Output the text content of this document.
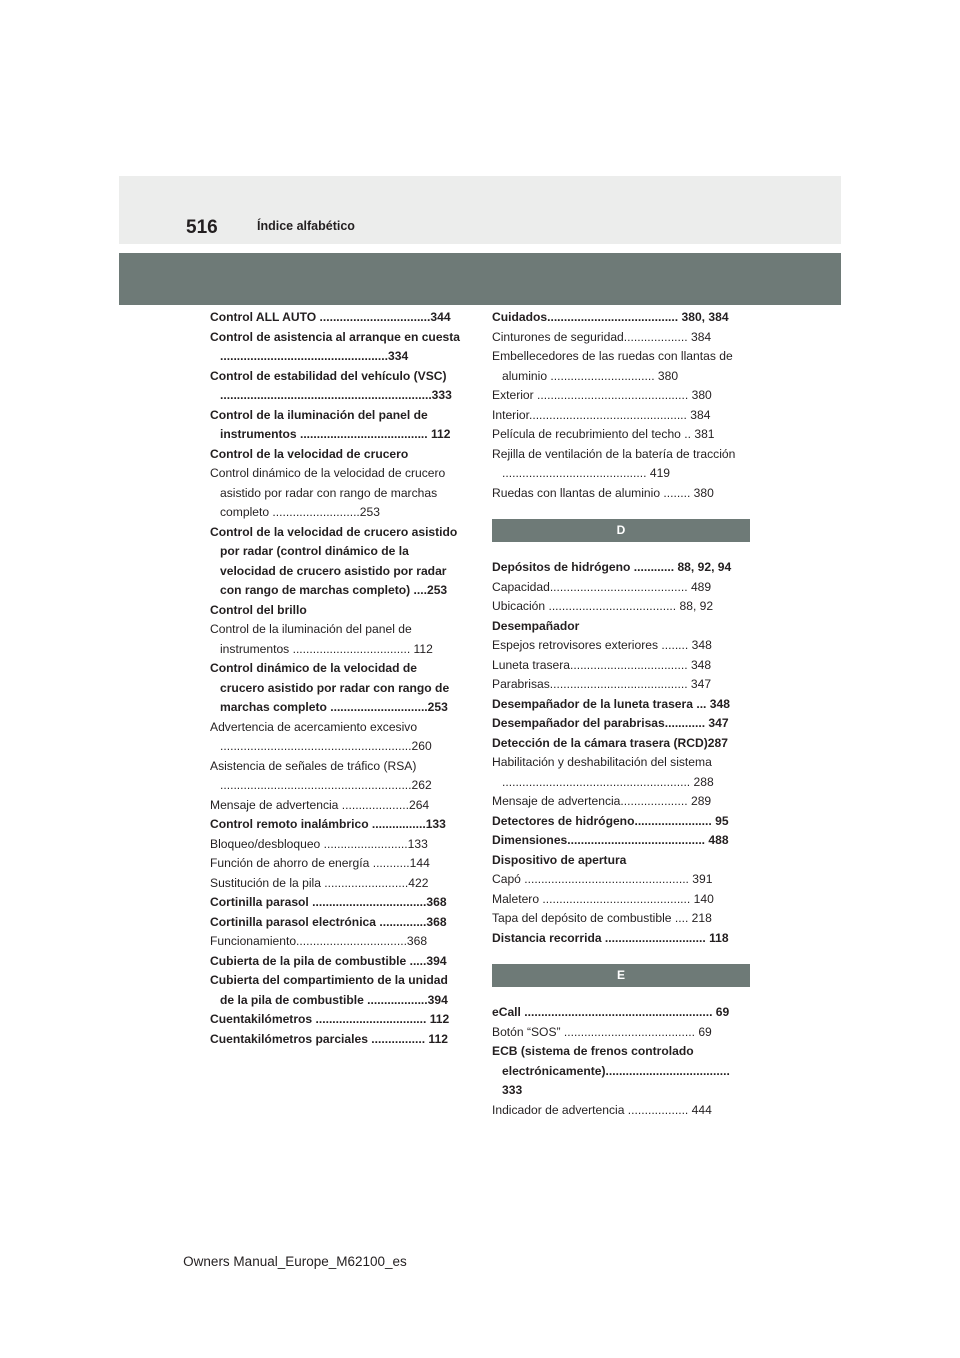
516	Índice alfabético
Control ALL AUTO .................................344
Control de asistencia al arranque en cuesta ..................................................334
Control de estabilidad del vehículo (VSC) ...............................................................333
Control de la iluminación del panel de instrumentos ...................................... 112
Control de la velocidad de crucero
Control dinámico de la velocidad de crucero asistido por radar con rango de marchas completo ..........................253
Control de la velocidad de crucero asistido por radar (control dinámico de la velocidad de crucero asistido por radar con rango de marchas completo) ....253
Control del brillo
Control de la iluminación del panel de instrumentos ................................... 112
Control dinámico de la velocidad de crucero asistido por radar con rango de marchas completo .............................253
Advertencia de acercamiento excesivo .........................................................260
Asistencia de señales de tráfico (RSA) .........................................................262
Mensaje de advertencia ....................264
Control remoto inalámbrico ................133
Bloqueo/desbloqueo .........................133
Función de ahorro de energía ...........144
Sustitución de la pila .........................422
Cortinilla parasol ..................................368
Cortinilla parasol electrónica ..............368
Funcionamiento.................................368
Cubierta de la pila de combustible .....394
Cubierta del compartimiento de la unidad de la pila de combustible ..................394
Cuentakilómetros ................................. 112
Cuentakilómetros parciales ................ 112
Cuidados....................................... 380, 384
Cinturones de seguridad................... 384
Embellecedores de las ruedas con llantas de aluminio ............................... 380
Exterior ............................................. 380
Interior............................................... 384
Película de recubrimiento del techo .. 381
Rejilla de ventilación de la batería de tracción ........................................... 419
Ruedas con llantas de aluminio ........ 380
D
Depósitos de hidrógeno ............ 88, 92, 94
Capacidad......................................... 489
Ubicación ...................................... 88, 92
Desempañador
Espejos retrovisores exteriores ........ 348
Luneta trasera................................... 348
Parabrisas......................................... 347
Desempañador de la luneta trasera ... 348
Desempañador del parabrisas............ 347
Detección de la cámara trasera (RCD)287
Habilitación y deshabilitación del sistema ........................................................ 288
Mensaje de advertencia.................... 289
Detectores de hidrógeno....................... 95
Dimensiones......................................... 488
Dispositivo de apertura
Capó ................................................. 391
Maletero ............................................ 140
Tapa del depósito de combustible .... 218
Distancia recorrida .............................. 118
E
eCall ........................................................ 69
Botón “SOS” ....................................... 69
ECB (sistema de frenos controlado electrónicamente)..................................... 333
Indicador de advertencia .................. 444
Owners Manual_Europe_M62100_es
